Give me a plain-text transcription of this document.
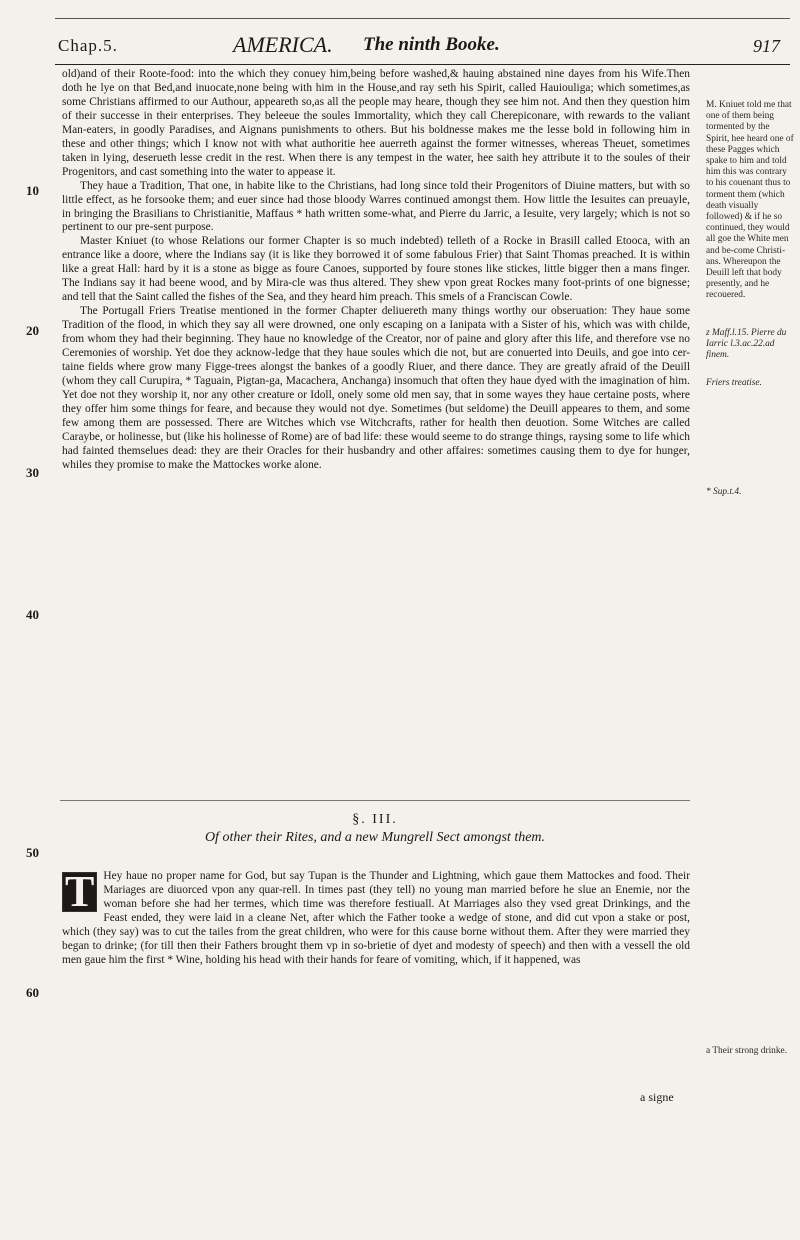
Chap.5.	AMERICA. The ninth Booke.	917

old)and of their Roote-food: into the which they conuey him,being before washed,& hauing abstained nine dayes from his Wife.Then doth he lye on that Bed,and inuocate,none being with him in the House,and ray seth his Spirit, called Hauiouliga; which sometimes,as some Christians affirmed to our Authour, appeareth so,as all the people may heare, though they see him not. And then they question him of their successe in their enterprises. They beleeue the soules Immortality, which they call Cherepiconare, with rewards to the valiant Man-eaters, in goodly Paradises, and Aignans punishments to others. But his boldnesse makes me the lesse bold in following him in these and other things; which I know not with what authoritie hee auerreth against the former witnesses, whereas Theuet, sometimes taken in lying, deserueth lesse credit in the rest. When there is any tempest in the water, hee saith hey attribute it to the soules of their Progenitors, and cast something into the water to appease it.

They haue a Tradition, That one, in habite like to the Christians, had long since told their Progenitors of Diuine matters, but with so little effect, as he forsooke them; and euer since had those bloody Warres continued amongst them. How little the Iesuites can preuayle, in bringing the Brasilians to Christianitie, Maffaus * hath written some-what, and Pierre du Jarric, a Iesuite, very largely; which is not so pertinent to our pre-sent purpose.

Master Kniuet (to whose Relations our former Chapter is so much indebted) telleth of a Rocke in Brasill called Etooca, with an entrance like a doore, where the Indians say (it is like they borrowed it of some fabulous Frier) that Saint Thomas preached. It is within like a great Hall: hard by it is a stone as bigge as foure Canoes, supported by foure stones like stickes, little bigger then a mans finger. The Indians say it had beene wood, and by Mira-cle was thus altered. They shew vpon great Rockes many foot-prints of one bignesse; and tell that the Saint called the fishes of the Sea, and they heard him preach. This smels of a Franciscan Cowle.

The Portugall Friers Treatise mentioned in the former Chapter deliuereth many things worthy our obseruation: They haue some Tradition of the flood, in which they say all were drowned, one only escaping on a Ianipata with a Sister of his, which was with childe, from whom they had their beginning. They haue no knowledge of the Creator, nor of paine and glory after this life, and therefore vse no Ceremonies of worship. Yet doe they acknow-ledge that they haue soules which die not, but are conuerted into Deuils, and goe into cer-taine fields where grow many Figge-trees alongst the bankes of a goodly Riuer, and there dance. They are greatly afraid of the Deuill (whom they call Curupira, * Taguain, Pigtan-ga, Macachera, Anchanga) insomuch that often they haue dyed with the imagination of him. Yet doe not they worship it, nor any other creature or Idoll, onely some old men say, that in some wayes they haue certaine posts, where they offer him some things for feare, and because they would not dye. Sometimes (but seldome) the Deuill appeares to them, and some few among them are possessed. There are Witches which vse Witchcrafts, rather for health then deuotion. Some Witches are called Caraybe, or holinesse, but (like his holinesse of Rome) are of bad life: these would seeme to do strange things, raysing some to life which had fainted themselues dead: they are their Oracles for their husbandry and other affaires: sometimes causing them to dye for hunger, whiles they promise to make the Mattockes worke alone.

§. III.
Of other their Rites, and a new Mungrell Sect amongst them.

T Hey haue no proper name for God, but say Tupan is the Thunder and Lightning, which gaue them Mattockes and food. Their Mariages are diuorced vpon any quar-rell. In times past (they tell) no young man married before he slue an Enemie, nor the woman before she had her termes, which time was therefore festiuall. At Marriages also they vsed great Drinkings, and the Feast ended, they were laid in a cleane Net, after which the Father tooke a wedge of stone, and did cut vpon a stake or post, which (they say) was to cut the tailes from the great children, who were for this cause borne without them. After they were married they began to drinke; (for till then their Fathers brought them vp in so-brietie of dyet and modesty of speech) and then with a vessell the old men gaue him the first * Wine, holding his head with their hands for feare of vomiting, which, if it happened, was

a signe
10
20
30
40
50
60
M. Kniuet told me that one of them being tormented by the Spirit, hee heard one of these Pagges which spake to him and told him this was contrary to his couenant thus to torment them (which death visually followed) & if he so continued, they would all goe the White men and be-come Christi-ans. Whereupon the Deuill left that body presently, and he recouered.
z Maff.l.15. Pierre du Iarric l.3.ac.22.ad finem.
Friers treatise.
* Sup.t.4.
a Their strong drinke.
